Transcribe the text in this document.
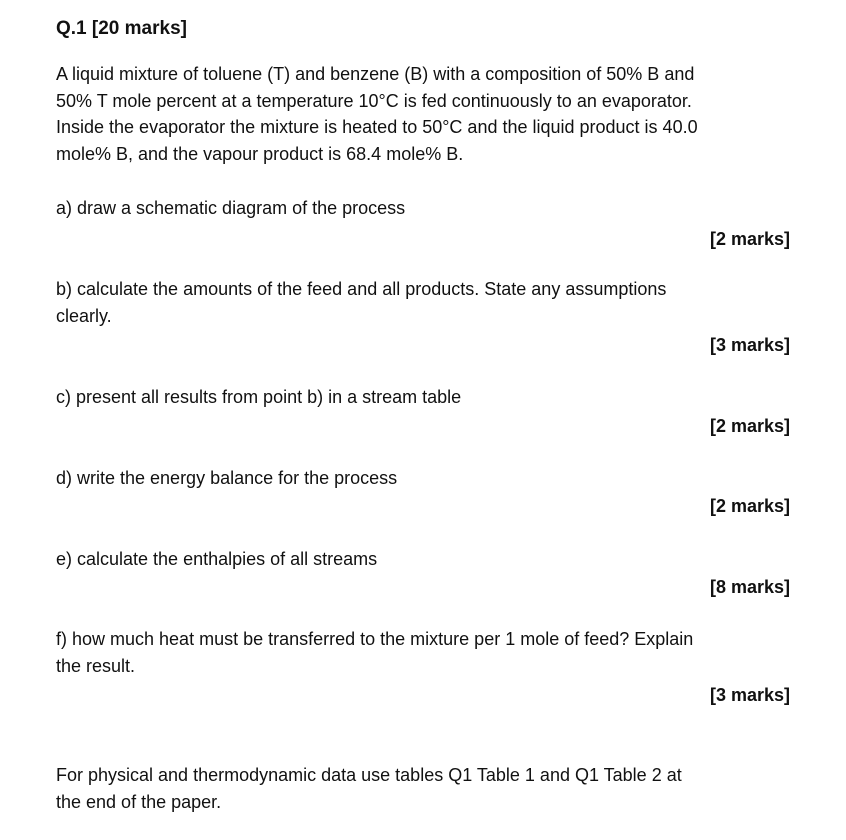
Q.1 [20 marks]
A liquid mixture of toluene (T) and benzene (B) with a composition of 50% B and
50% T mole percent at a temperature 10°C is fed continuously to an evaporator.
Inside the evaporator the mixture is heated to 50°C and the liquid product is 40.0
mole% B, and the vapour product is 68.4 mole% B.
a) draw a schematic diagram of the process
[2 marks]
b) calculate the amounts of the feed and all products. State any assumptions
clearly.
[3 marks]
c) present all results from point b) in a stream table
[2 marks]
d) write the energy balance for the process
[2 marks]
e) calculate the enthalpies of all streams
[8 marks]
f) how much heat must be transferred to the mixture per 1 mole of feed? Explain
the result.
[3 marks]
For physical and thermodynamic data use tables Q1 Table 1 and Q1 Table 2 at
the end of the paper.
